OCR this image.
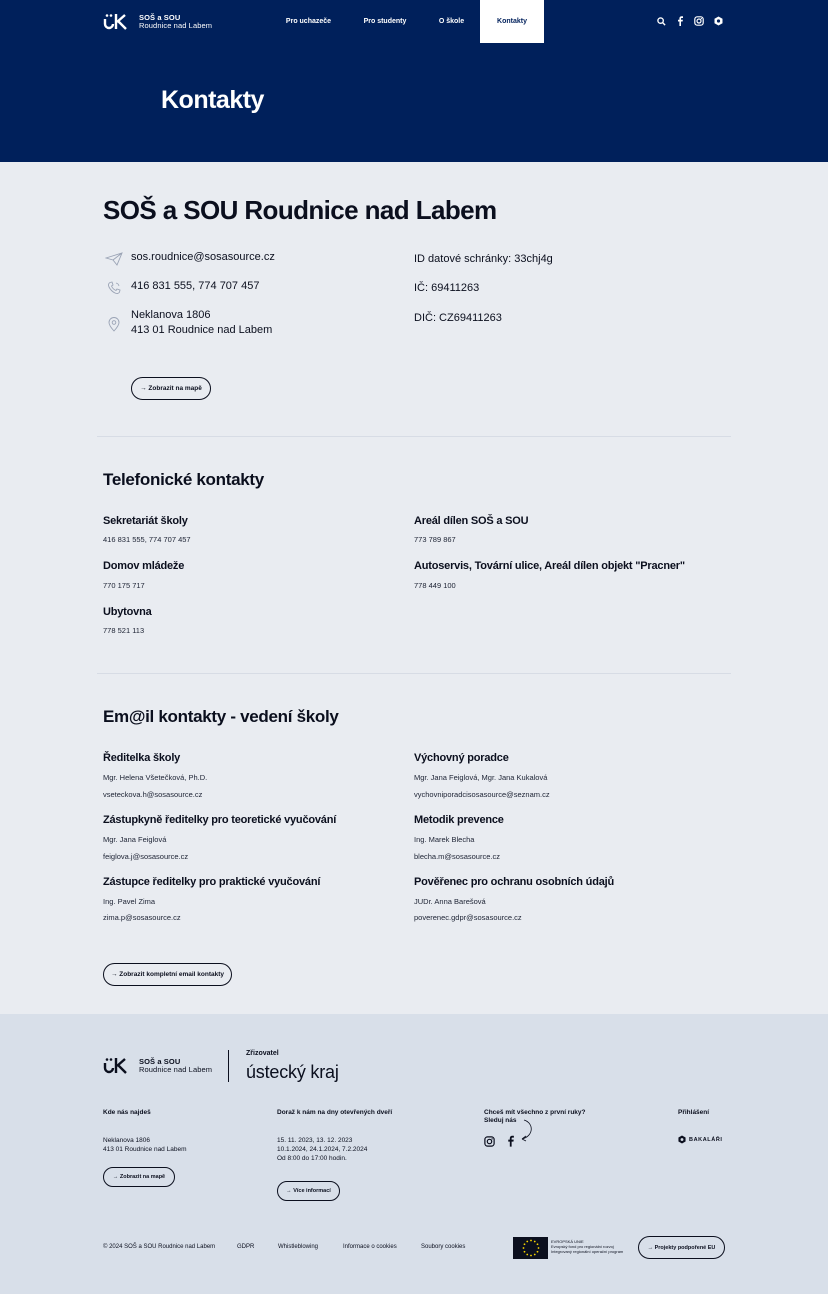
SOŠ a SOU
Roudnice nad Labem	Pro uchazeče	Pro studenty	O škole	Kontakty
Kontakty
SOŠ a SOU Roudnice nad Labem
sos.roudnice@sosasource.cz
416 831 555, 774 707 457
Neklanova 1806
413 01 Roudnice nad Labem
ID datové schránky: 33chj4g
IČ: 69411263
DIČ: CZ69411263
→ Zobrazit na mapě
Telefonické kontakty
Sekretariát školy
416 831 555, 774 707 457
Areál dílen SOŠ a SOU
773 789 867
Domov mládeže
770 175 717
Autoservis, Tovární ulice, Areál dílen objekt "Pracner"
778 449 100
Ubytovna
778 521 113
Em@il kontakty - vedení školy
Ředitelka školy
Mgr. Helena Všetečková, Ph.D.
vseteckova.h@sosasource.cz
Výchovný poradce
Mgr. Jana Feiglová, Mgr. Jana Kukalová
vychovniporadcisosasource@seznam.cz
Zástupkyně ředitelky pro teoretické vyučování
Mgr. Jana Feiglová
feiglova.j@sosasource.cz
Metodik prevence
Ing. Marek Blecha
blecha.m@sosasource.cz
Zástupce ředitelky pro praktické vyučování
Ing. Pavel Zima
zima.p@sosasource.cz
Pověřenec pro ochranu osobních údajů
JUDr. Anna Barešová
poverenec.gdpr@sosasource.cz
→ Zobrazit kompletní email kontakty
SOŠ a SOU
Roudnice nad Labem
Zřizovatel
ústecký kraj
Kde nás najdeš
Neklanova 1806
413 01 Roudnice nad Labem
→ Zobrazit na mapě
Doraž k nám na dny otevřených dveří
15. 11. 2023, 13. 12. 2023
10.1.2024, 24.1.2024, 7.2.2024
Od 8:00 do 17:00 hodin.
→ Více informací
Chceš mít všechno z první ruky?
Sleduj nás
Přihlášení
BAKALÁŘI
© 2024 SOŠ a SOU Roudnice nad Labem	GDPR	Whistleblowing	Informace o cookies	Soubory cookies
EVROPSKÁ UNIE
Evropský fond pro regionální rozvoj
Integrovaný regionální operační program
→ Projekty podpořené EU
